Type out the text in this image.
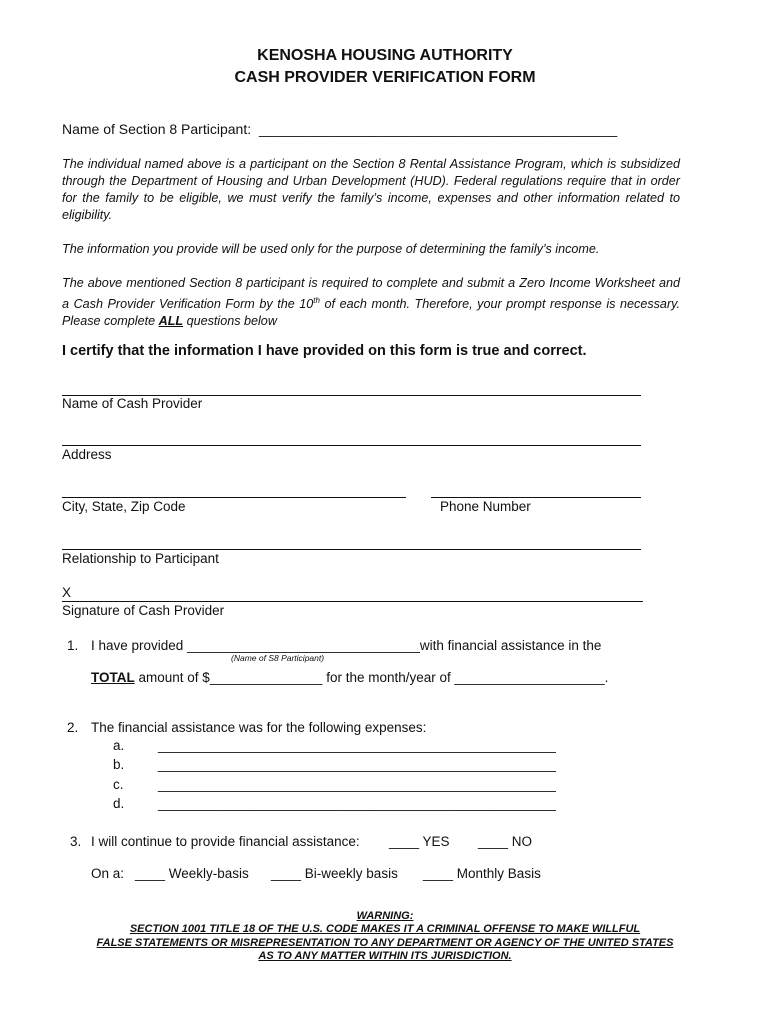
KENOSHA HOUSING AUTHORITY
CASH PROVIDER VERIFICATION FORM
Name of Section 8 Participant: ______________________________________________
The individual named above is a participant on the Section 8 Rental Assistance Program, which is subsidized through the Department of Housing and Urban Development (HUD). Federal regulations require that in order for the family to be eligible, we must verify the family’s income, expenses and other information related to eligibility.
The information you provide will be used only for the purpose of determining the family’s income.
The above mentioned Section 8 participant is required to complete and submit a Zero Income Worksheet and a Cash Provider Verification Form by the 10th of each month. Therefore, your prompt response is necessary. Please complete ALL questions below
I certify that the information I have provided on this form is true and correct.
Name of Cash Provider
Address
City, State, Zip Code	Phone Number
Relationship to Participant
X
Signature of Cash Provider
1. I have provided _______________________________with financial assistance in the
(Name of S8 Participant)
TOTAL amount of $_______________ for the month/year of ____________________.
2. The financial assistance was for the following expenses:
a. _____________________________________________________
b. _____________________________________________________
c.	_____________________________________________________
d. _____________________________________________________
3. I will continue to provide financial assistance: ____ YES ____ NO
On a: ____ Weekly-basis ____ Bi-weekly basis ____ Monthly Basis
WARNING:
SECTION 1001 TITLE 18 OF THE U.S. CODE MAKES IT A CRIMINAL OFFENSE TO MAKE WILLFUL
FALSE STATEMENTS OR MISREPRESENTATION TO ANY DEPARTMENT OR AGENCY OF THE UNITED STATES
AS TO ANY MATTER WITHIN ITS JURISDICTION.
